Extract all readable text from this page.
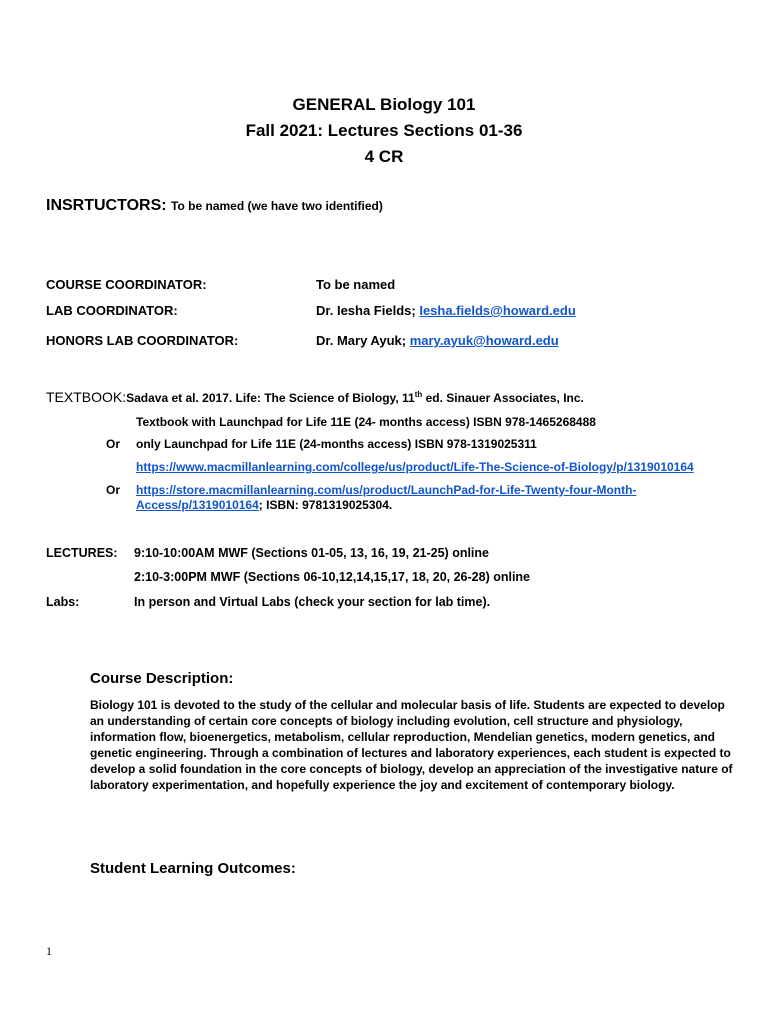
GENERAL Biology 101
Fall 2021: Lectures Sections 01-36
4 CR
INSRTUCTORS: To be named (we have two identified)
COURSE COORDINATOR:	To be named
LAB COORDINATOR:	Dr. Iesha Fields; Iesha.fields@howard.edu
HONORS LAB COORDINATOR:	Dr. Mary Ayuk; mary.ayuk@howard.edu
TEXTBOOK:Sadava et al. 2017. Life: The Science of Biology, 11th ed. Sinauer Associates, Inc.
Textbook with Launchpad for Life 11E (24- months access) ISBN 978-1465268488
Or only Launchpad for Life 11E (24-months access) ISBN 978-1319025311
https://www.macmillanlearning.com/college/us/product/Life-The-Science-of-Biology/p/1319010164
Or https://store.macmillanlearning.com/us/product/LaunchPad-for-Life-Twenty-four-Month-
Access/p/1319010164; ISBN: 9781319025304.
LECTURES: 9:10-10:00AM MWF (Sections 01-05, 13, 16, 19, 21-25) online
2:10-3:00PM MWF (Sections 06-10,12,14,15,17, 18, 20, 26-28) online
Labs:	In person and Virtual Labs (check your section for lab time).
Course Description:
Biology 101 is devoted to the study of the cellular and molecular basis of life. Students are expected to develop an understanding of certain core concepts of biology including evolution, cell structure and physiology, information flow, bioenergetics, metabolism, cellular reproduction, Mendelian genetics, modern genetics, and genetic engineering. Through a combination of lectures and laboratory experiences, each student is expected to develop a solid foundation in the core concepts of biology, develop an appreciation of the investigative nature of laboratory experimentation, and hopefully experience the joy and excitement of contemporary biology.
Student Learning Outcomes:
1
